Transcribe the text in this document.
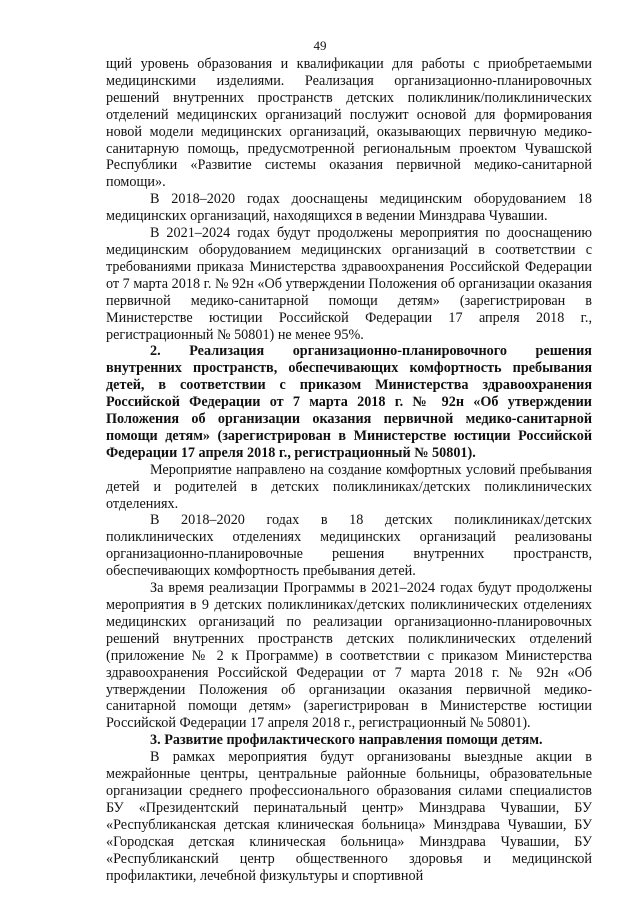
49

щий уровень образования и квалификации для работы с приобретаемыми медицинскими изделиями. Реализация организационно-планировочных решений внутренних пространств детских поликлиник/поликлинических отделений медицинских организаций послужит основой для формирования новой модели медицинских организаций, оказывающих первичную медико-санитарную помощь, предусмотренной региональным проектом Чувашской Республики «Развитие системы оказания первичной медико-санитарной помощи».

В 2018–2020 годах дооснащены медицинским оборудованием 18 медицинских организаций, находящихся в ведении Минздрава Чувашии.

В 2021–2024 годах будут продолжены мероприятия по дооснащению медицинским оборудованием медицинских организаций в соответствии с требованиями приказа Министерства здравоохранения Российской Федерации от 7 марта 2018 г. № 92н «Об утверждении Положения об организации оказания первичной медико-санитарной помощи детям» (зарегистрирован в Министерстве юстиции Российской Федерации 17 апреля 2018 г., регистрационный № 50801) не менее 95%.

2. Реализация организационно-планировочного решения внутренних пространств, обеспечивающих комфортность пребывания детей, в соответствии с приказом Министерства здравоохранения Российской Федерации от 7 марта 2018 г. № 92н «Об утверждении Положения об организации оказания первичной медико-санитарной помощи детям» (зарегистрирован в Министерстве юстиции Российской Федерации 17 апреля 2018 г., регистрационный № 50801).

Мероприятие направлено на создание комфортных условий пребывания детей и родителей в детских поликлиниках/детских поликлинических отделениях.

В 2018–2020 годах в 18 детских поликлиниках/детских поликлинических отделениях медицинских организаций реализованы организационно-планировочные решения внутренних пространств, обеспечивающих комфортность пребывания детей.

За время реализации Программы в 2021–2024 годах будут продолжены мероприятия в 9 детских поликлиниках/детских поликлинических отделениях медицинских организаций по реализации организационно-планировочных решений внутренних пространств детских поликлинических отделений (приложение № 2 к Программе) в соответствии с приказом Министерства здравоохранения Российской Федерации от 7 марта 2018 г. № 92н «Об утверждении Положения об организации оказания первичной медико-санитарной помощи детям» (зарегистрирован в Министерстве юстиции Российской Федерации 17 апреля 2018 г., регистрационный № 50801).

3. Развитие профилактического направления помощи детям.

В рамках мероприятия будут организованы выездные акции в межрайонные центры, центральные районные больницы, образовательные организации среднего профессионального образования силами специалистов БУ «Президентский перинатальный центр» Минздрава Чувашии, БУ «Республиканская детская клиническая больница» Минздрава Чувашии, БУ «Городская детская клиническая больница» Минздрава Чувашии, БУ «Республиканский центр общественного здоровья и медицинской профилактики, лечебной физкультуры и спортивной
